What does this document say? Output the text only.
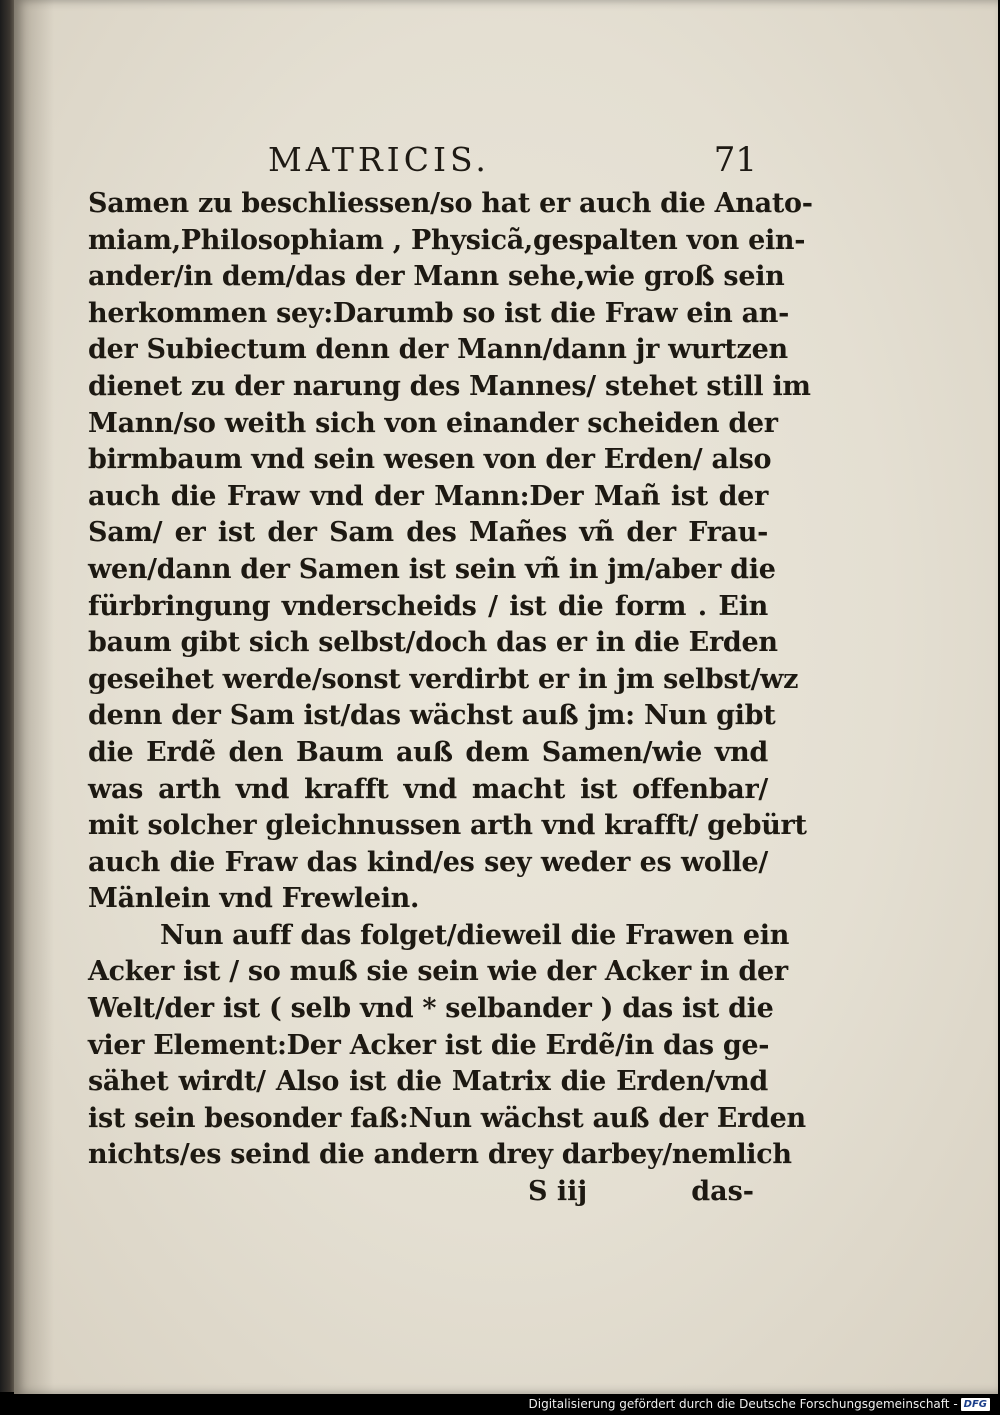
MATRICIS.	71
Samen zu beschliessen/so hat er auch die Anato-
miam,Philosophiam , Physicã,gespalten von ein-
ander/in dem/das der Mann sehe,wie groß sein
herkommen sey:Darumb so ist die Fraw ein an-
der Subiectum denn der Mann/dann jr wurtzen
dienet zu der narung des Mannes/ stehet still im
Mann/so weith sich von einander scheiden der
birmbaum vnd sein wesen von der Erden/ also
auch die Fraw vnd der Mann:Der Mañ ist der
Sam/ er ist der Sam des Mañes vñ der Frau-
wen/dann der Samen ist sein vñ in jm/aber die
fürbringung vnderscheids / ist die form . Ein
baum gibt sich selbst/doch das er in die Erden
geseihet werde/sonst verdirbt er in jm selbst/wz
denn der Sam ist/das wächst auß jm: Nun gibt
die Erdẽ den Baum auß dem Samen/wie vnd
was arth vnd krafft vnd macht ist offenbar/
mit solcher gleichnussen arth vnd krafft/ gebürt
auch die Fraw das kind/es sey weder es wolle/
Mänlein vnd Frewlein.
Nun auff das folget/dieweil die Frawen ein
Acker ist / so muß sie sein wie der Acker in der
Welt/der ist ( selb vnd * selbander ) das ist die
vier Element:Der Acker ist die Erdẽ/in das ge-
sähet wirdt/ Also ist die Matrix die Erden/vnd
ist sein besonder faß:Nun wächst auß der Erden
nichts/es seind die andern drey darbey/nemlich
S iij	das-
Digitalisierung gefördert durch die Deutsche Forschungsgemeinschaft - DFG
